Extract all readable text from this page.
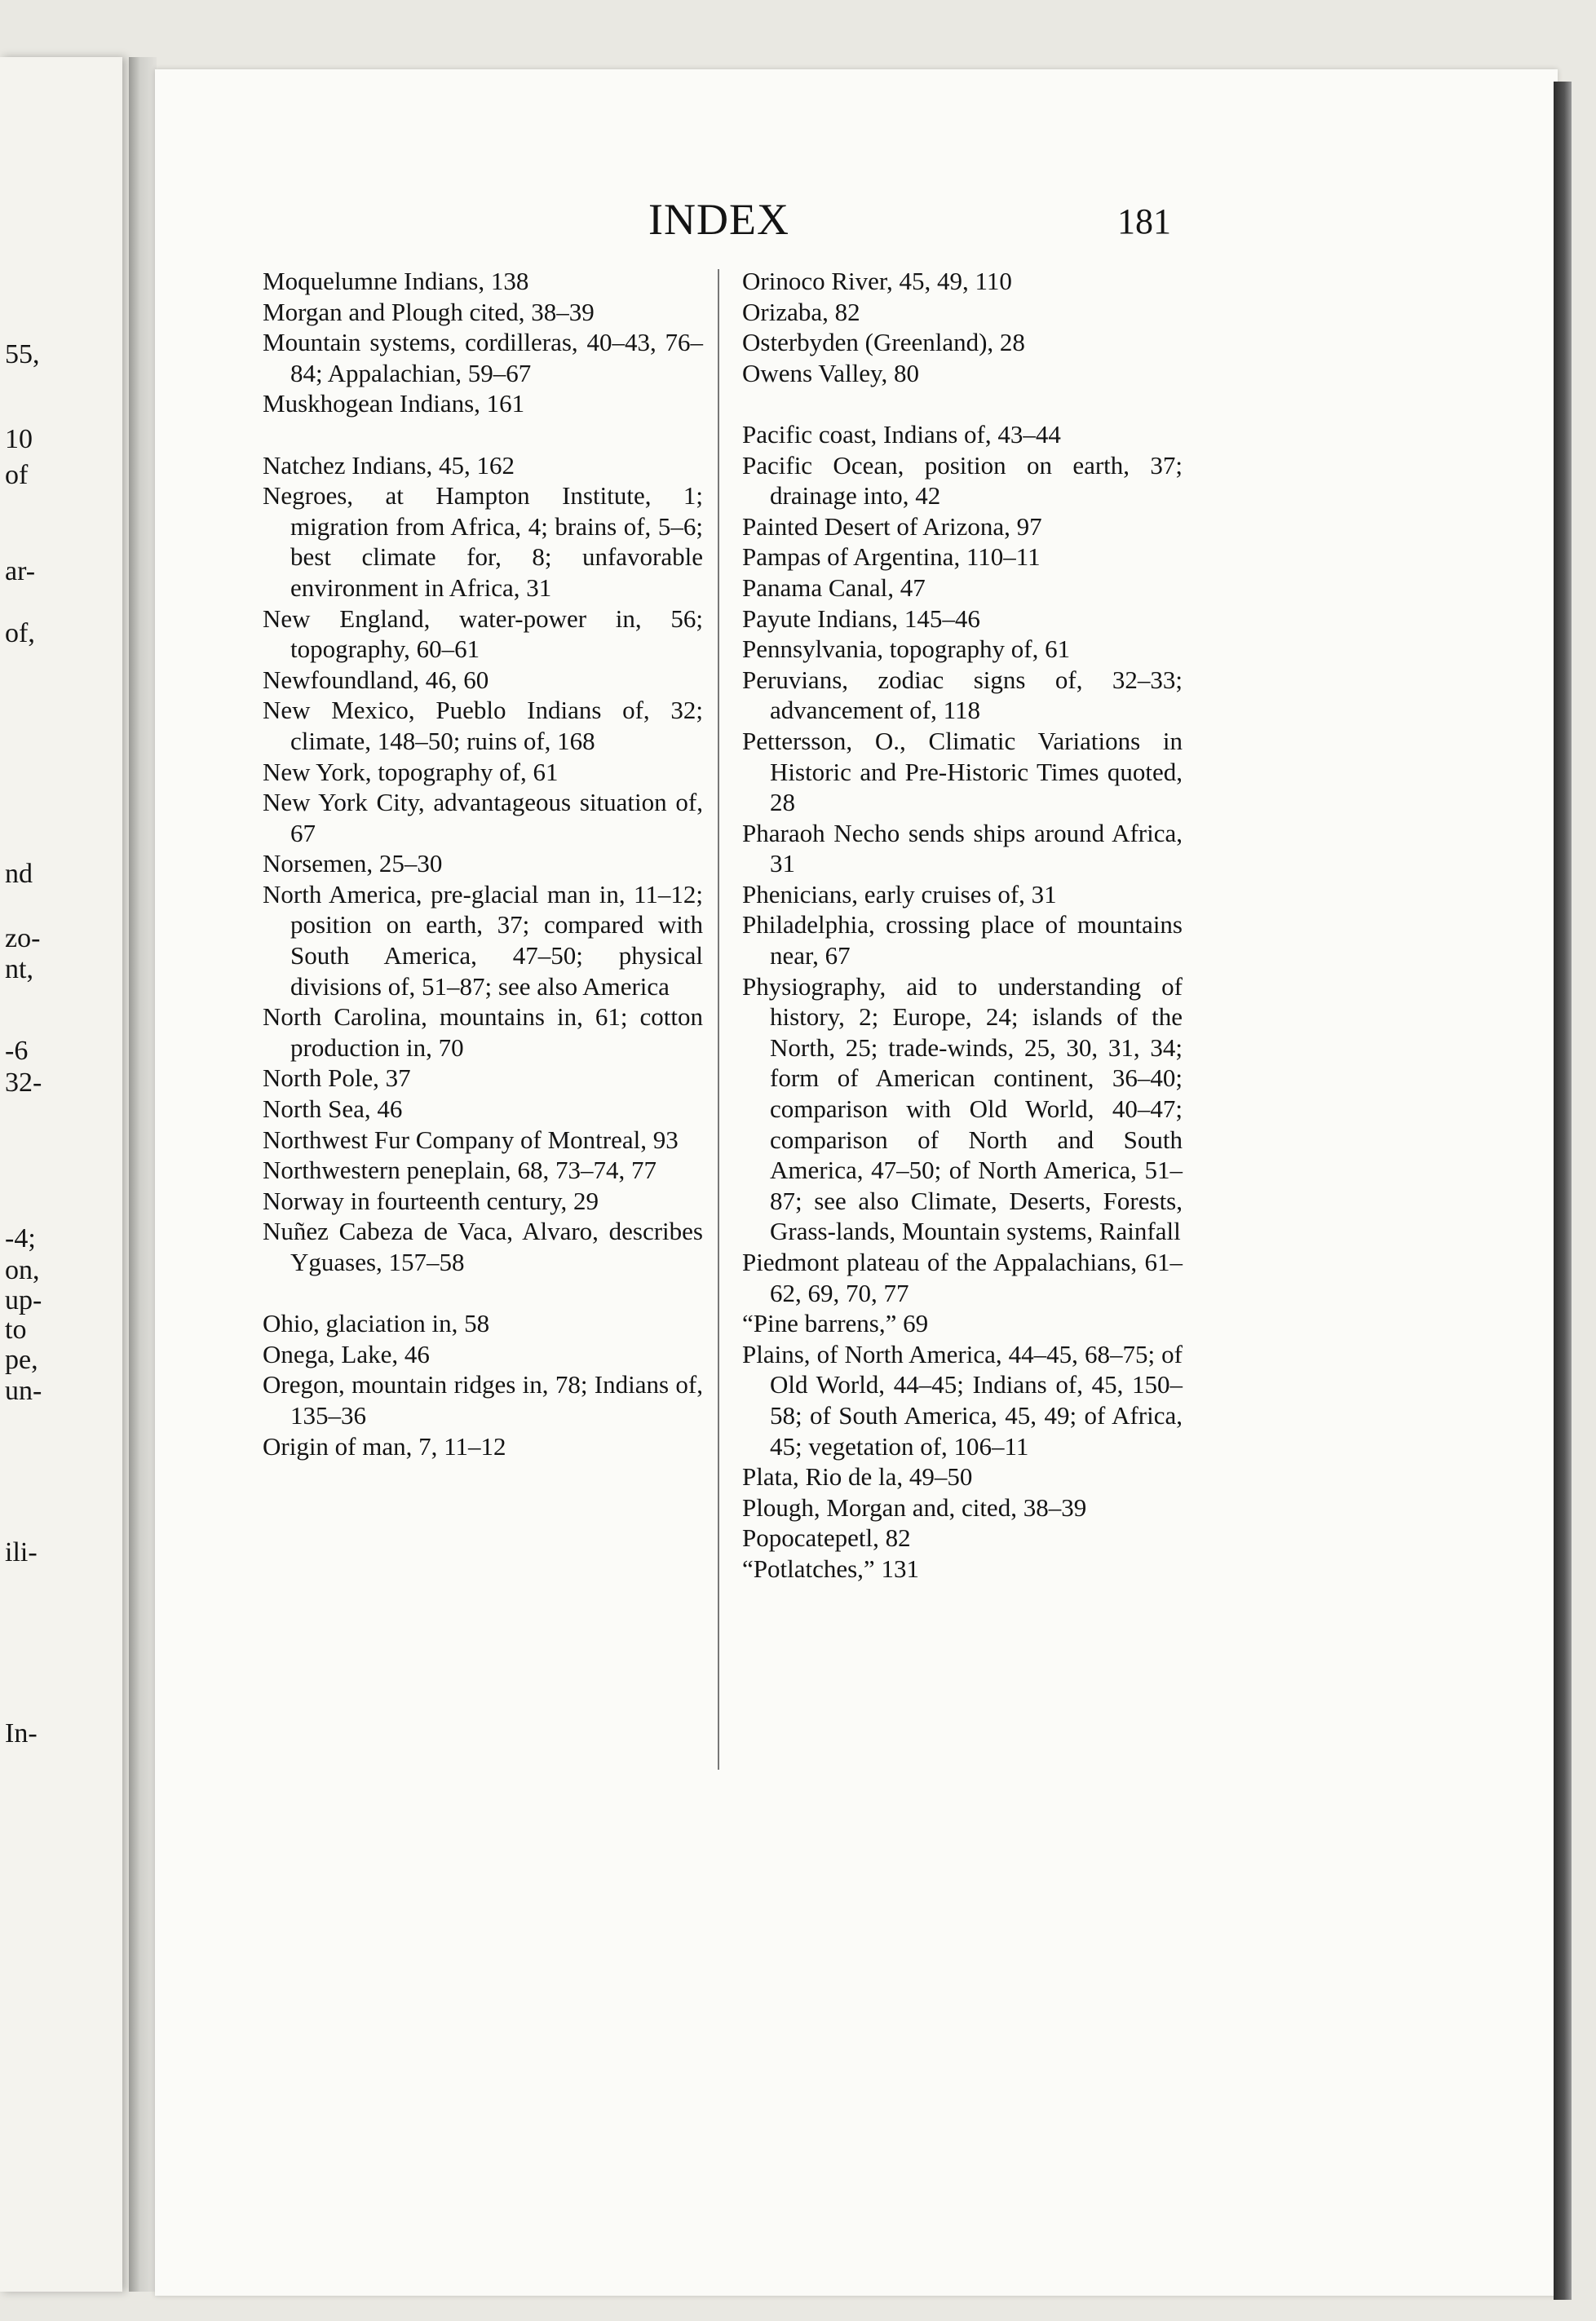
55,
10
of
ar-
of,
nd
zo-
nt,
-6
32-
-4;
on,
up-
to
pe,
un-
ili-
In-
INDEX	181
Moquelumne Indians, 138
Morgan and Plough cited, 38–39
Mountain systems, cordilleras, 40–43, 76–84; Appalachian, 59–67
Muskhogean Indians, 161
Natchez Indians, 45, 162
Negroes, at Hampton Institute, 1; migration from Africa, 4; brains of, 5–6; best climate for, 8; unfavorable environment in Africa, 31
New England, water-power in, 56; topography, 60–61
Newfoundland, 46, 60
New Mexico, Pueblo Indians of, 32; climate, 148–50; ruins of, 168
New York, topography of, 61
New York City, advantageous situation of, 67
Norsemen, 25–30
North America, pre-glacial man in, 11–12; position on earth, 37; compared with South America, 47–50; physical divisions of, 51–87; see also America
North Carolina, mountains in, 61; cotton production in, 70
North Pole, 37
North Sea, 46
Northwest Fur Company of Montreal, 93
Northwestern peneplain, 68, 73–74, 77
Norway in fourteenth century, 29
Nuñez Cabeza de Vaca, Alvaro, describes Yguases, 157–58
Ohio, glaciation in, 58
Onega, Lake, 46
Oregon, mountain ridges in, 78; Indians of, 135–36
Origin of man, 7, 11–12
Orinoco River, 45, 49, 110
Orizaba, 82
Osterbyden (Greenland), 28
Owens Valley, 80
Pacific coast, Indians of, 43–44
Pacific Ocean, position on earth, 37; drainage into, 42
Painted Desert of Arizona, 97
Pampas of Argentina, 110–11
Panama Canal, 47
Payute Indians, 145–46
Pennsylvania, topography of, 61
Peruvians, zodiac signs of, 32–33; advancement of, 118
Pettersson, O., Climatic Variations in Historic and Pre-Historic Times quoted, 28
Pharaoh Necho sends ships around Africa, 31
Phenicians, early cruises of, 31
Philadelphia, crossing place of mountains near, 67
Physiography, aid to understanding of history, 2; Europe, 24; islands of the North, 25; trade-winds, 25, 30, 31, 34; form of American continent, 36–40; comparison with Old World, 40–47; comparison of North and South America, 47–50; of North America, 51–87; see also Climate, Deserts, Forests, Grass-lands, Mountain systems, Rainfall
Piedmont plateau of the Appalachians, 61–62, 69, 70, 77
“Pine barrens,” 69
Plains, of North America, 44–45, 68–75; of Old World, 44–45; Indians of, 45, 150–58; of South America, 45, 49; of Africa, 45; vegetation of, 106–11
Plata, Rio de la, 49–50
Plough, Morgan and, cited, 38–39
Popocatepetl, 82
“Potlatches,” 131
